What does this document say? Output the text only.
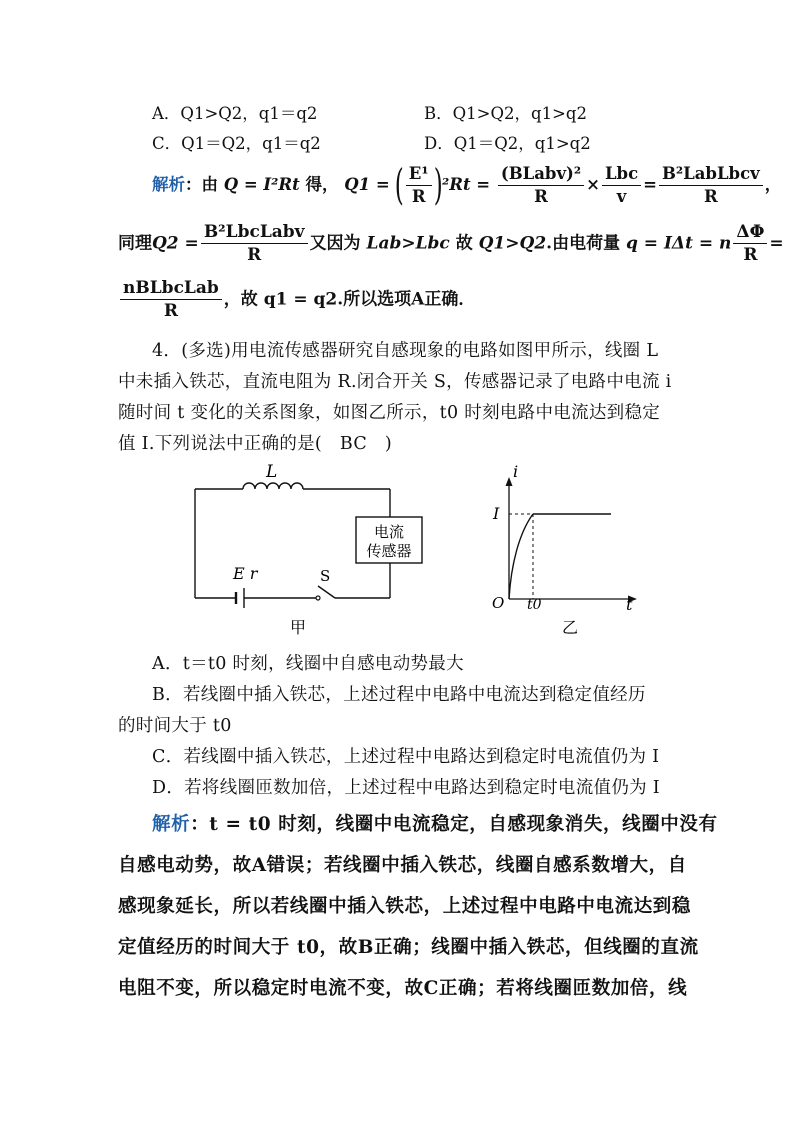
A．Q1>Q2，q1＝q2	B．Q1>Q2，q1>q2
C．Q1＝Q2，q1＝q2	D．Q1＝Q2，q1>q2
解析：由 Q = I²Rt 得， Q1 = ( $\frac{\text{E¹}}{R} )^2Rt = \frac{\text{(BLabv)²}}{R} \times \frac{\text{Lbc}}{v} = \frac{\text{B²LabLbcv}}{R}$ ，
同理$Q2 = \frac{\text{B²LbcLabv}}{R}$ 又因为 Lab>Lbc 故 Q1>Q2.由电荷量 q = IΔt = n $\frac{\Delta\Phi}{R}$ =
$\frac{\text{nBLbcLab}}{R}$ ，故 q1 = q2.所以选项A正确．
4．(多选)用电流传感器研究自感现象的电路如图甲所示，线圈 L
中未插入铁芯，直流电阻为 R.闭合开关 S，传感器记录了电路中电流 i
随时间 t 变化的关系图象，如图乙所示，t0 时刻电路中电流达到稳定
值 I.下列说法中正确的是(　BC　)
L
电流
传感器
E r	S
甲
i
I
O t0	t
乙
A．t＝t0 时刻，线圈中自感电动势最大
B．若线圈中插入铁芯，上述过程中电路中电流达到稳定值经历
的时间大于 t0
C．若线圈中插入铁芯，上述过程中电路达到稳定时电流值仍为 I
D．若将线圈匝数加倍，上述过程中电路达到稳定时电流值仍为 I
解析：t = t0 时刻，线圈中电流稳定，自感现象消失，线圈中没有
自感电动势，故A错误；若线圈中插入铁芯，线圈自感系数增大，自
感现象延长，所以若线圈中插入铁芯，上述过程中电路中电流达到稳
定值经历的时间大于 t0，故B正确；线圈中插入铁芯，但线圈的直流
电阻不变，所以稳定时电流不变，故C正确；若将线圈匝数加倍，线
